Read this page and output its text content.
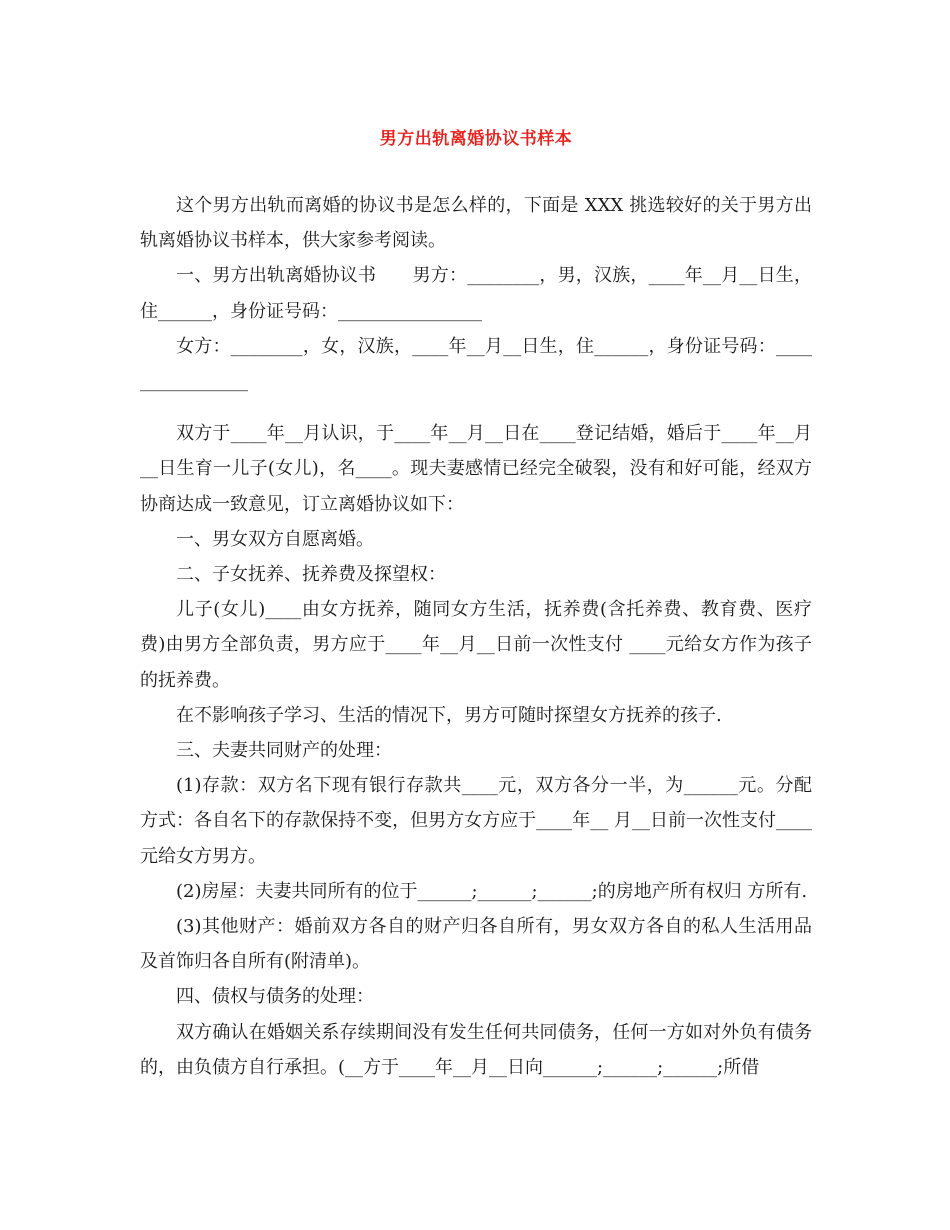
男方出轨离婚协议书样本

这个男方出轨而离婚的协议书是怎么样的，下面是 XXX 挑选较好的关于男方出轨离婚协议书样本，供大家参考阅读。

一、男方出轨离婚协议书　　男方：________，男，汉族，____年__月__日生，住______，身份证号码：________________

女方：________，女，汉族，____年__月__日生，住______，身份证号码：________________

双方于____年__月认识，于____年__月__日在____登记结婚，婚后于____年__月__日生育一儿子(女儿)，名____。现夫妻感情已经完全破裂，没有和好可能，经双方协商达成一致意见，订立离婚协议如下：

一、男女双方自愿离婚。

二、子女抚养、抚养费及探望权：

儿子(女儿)____由女方抚养，随同女方生活，抚养费(含托养费、教育费、医疗费)由男方全部负责，男方应于____年__月__日前一次性支付 ____元给女方作为孩子的抚养费。

在不影响孩子学习、生活的情况下，男方可随时探望女方抚养的孩子.

三、夫妻共同财产的处理：

(1)存款：双方名下现有银行存款共____元，双方各分一半，为______元。分配方式：各自名下的存款保持不变，但男方女方应于____年__ 月__日前一次性支付____元给女方男方。

(2)房屋：夫妻共同所有的位于______;______;______;的房地产所有权归 方所有.

(3)其他财产：婚前双方各自的财产归各自所有，男女双方各自的私人生活用品及首饰归各自所有(附清单)。

四、债权与债务的处理：

双方确认在婚姻关系存续期间没有发生任何共同债务，任何一方如对外负有债务的，由负债方自行承担。(__方于____年__月__日向______;______;______;所借
